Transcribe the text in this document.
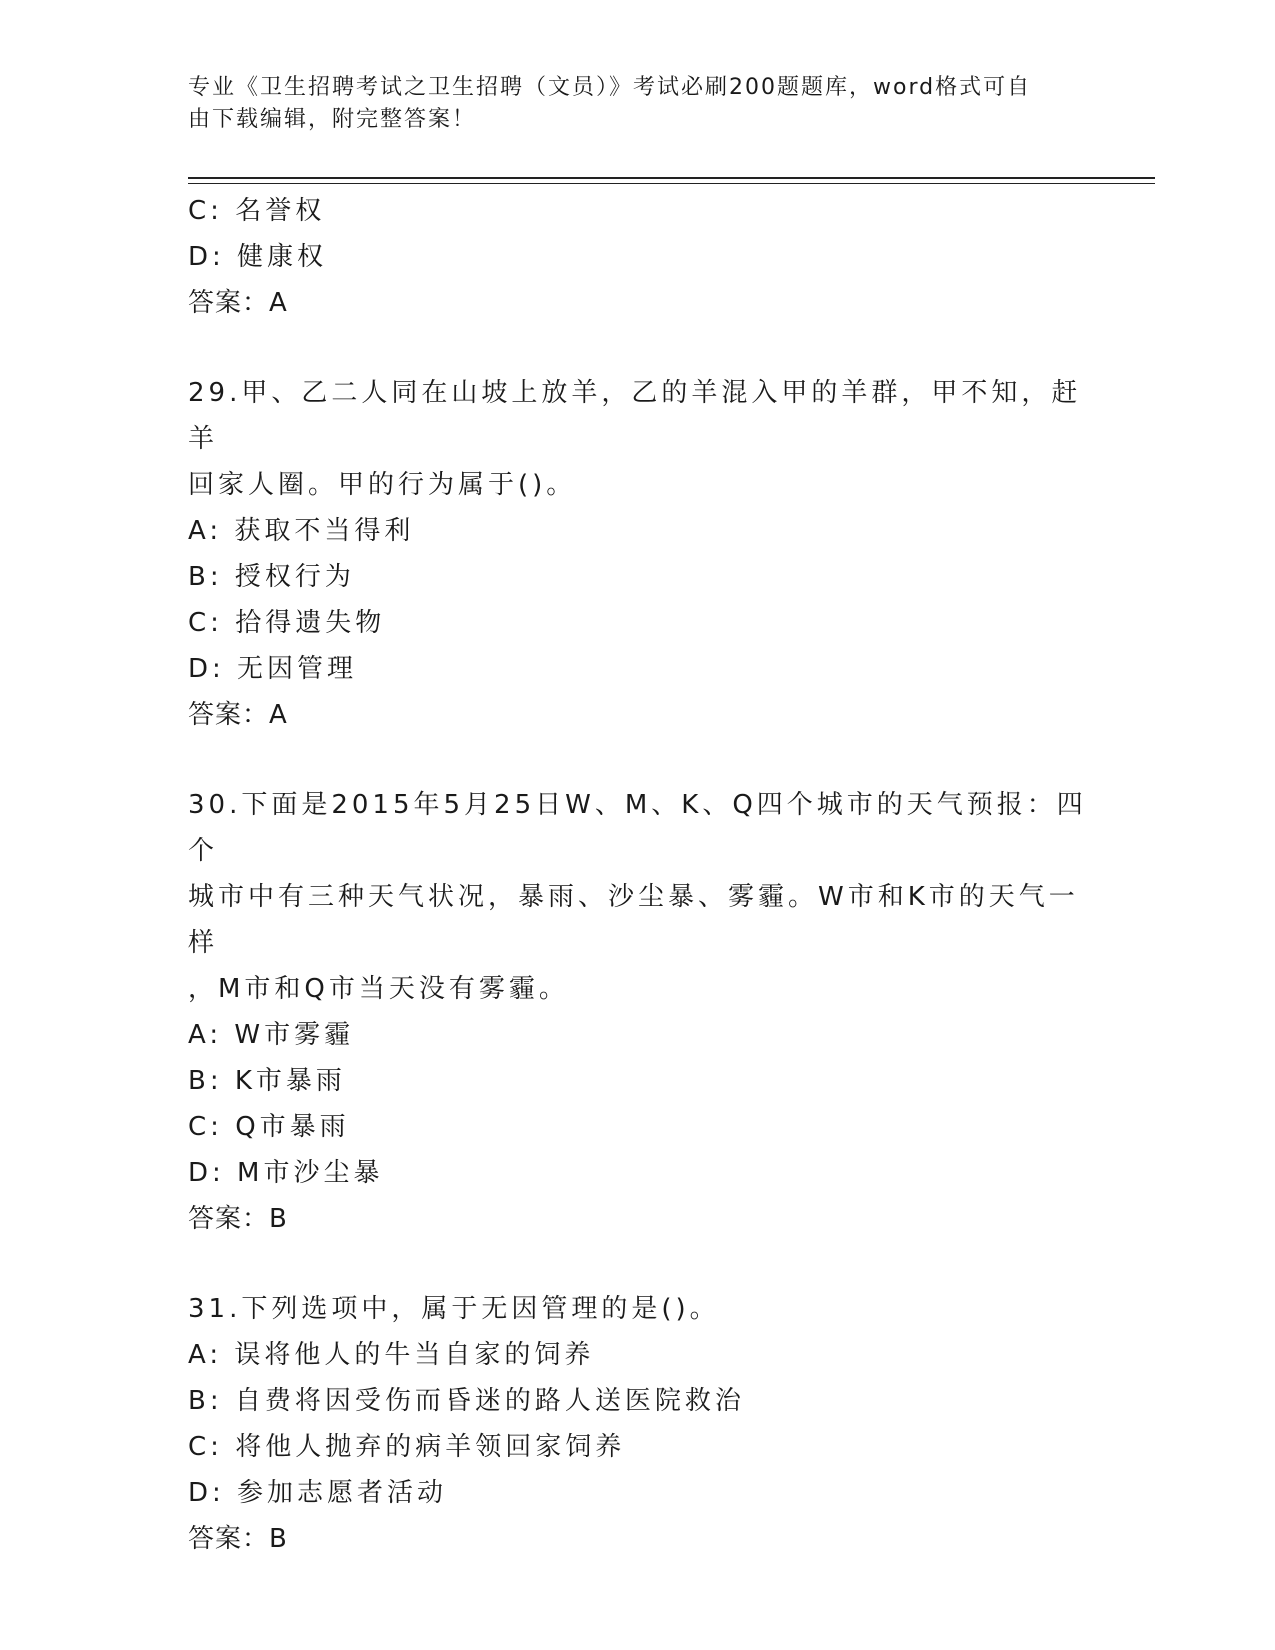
专业《卫生招聘考试之卫生招聘（文员）》考试必刷200题题库，word格式可自
由下载编辑，附完整答案！
C: 名誉权
D: 健康权
答案：A
29.甲、乙二人同在山坡上放羊，乙的羊混入甲的羊群，甲不知，赶羊
回家人圈。甲的行为属于()。
A: 获取不当得利
B: 授权行为
C: 拾得遗失物
D: 无因管理
答案：A
30.下面是2015年5月25日W、M、K、Q四个城市的天气预报：四个
城市中有三种天气状况，暴雨、沙尘暴、雾霾。W市和K市的天气一样
，M市和Q市当天没有雾霾。
A: W市雾霾
B: K市暴雨
C: Q市暴雨
D: M市沙尘暴
答案：B
31.下列选项中，属于无因管理的是()。
A: 误将他人的牛当自家的饲养
B: 自费将因受伤而昏迷的路人送医院救治
C: 将他人抛弃的病羊领回家饲养
D: 参加志愿者活动
答案：B
